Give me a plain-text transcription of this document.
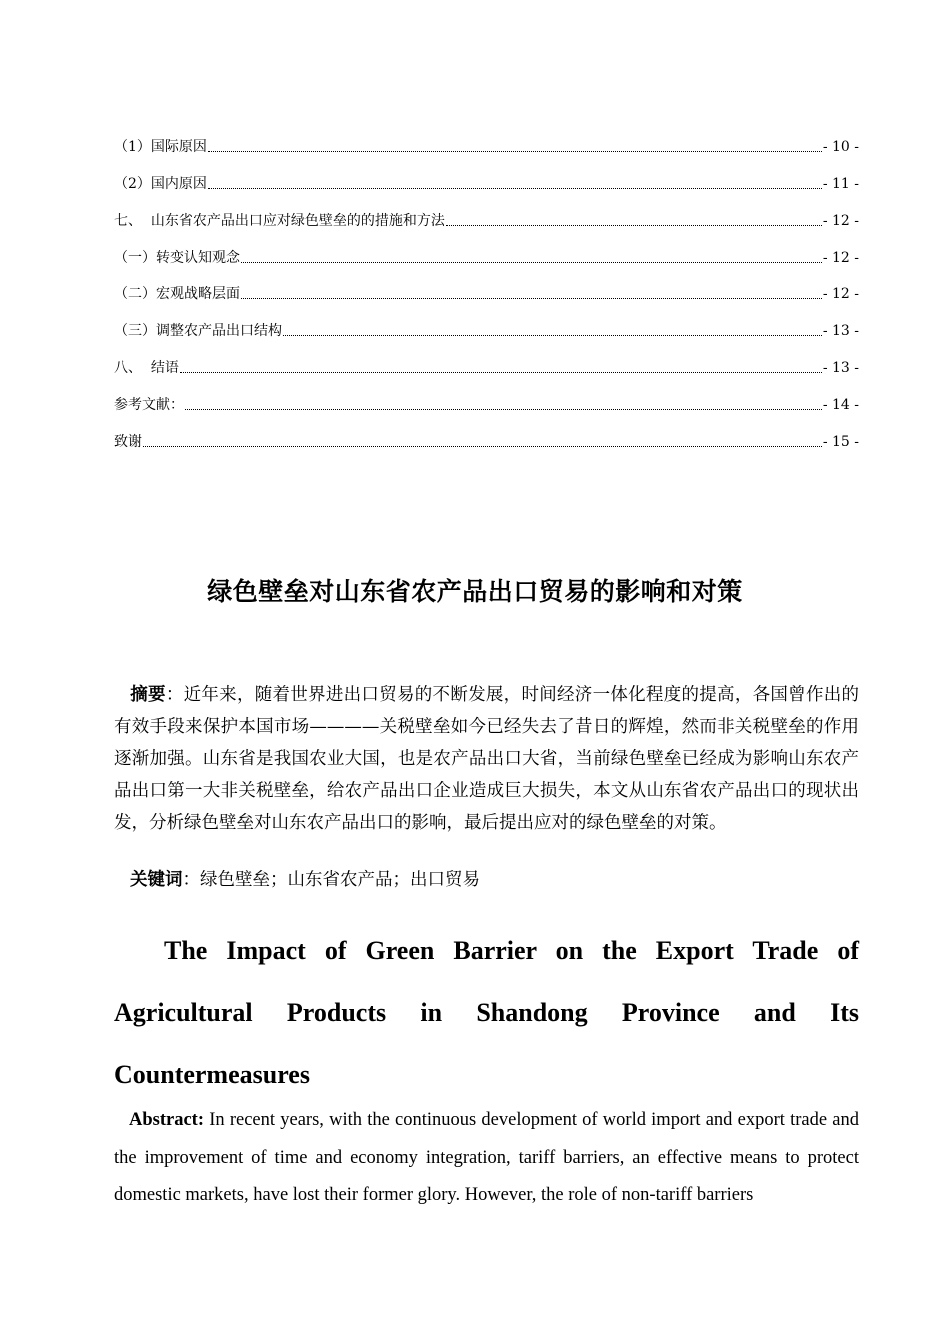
（1）国际原因	- 10 -
（2）国内原因	- 11 -
七、  山东省农产品出口应对绿色壁垒的的措施和方法	- 12 -
（一）转变认知观念	- 12 -
（二）宏观战略层面	- 12 -
（三）调整农产品出口结构	- 13 -
八、  结语	- 13 -
参考文献：	- 14 -
致谢	- 15 -
绿色壁垒对山东省农产品出口贸易的影响和对策

摘要：近年来，随着世界进出口贸易的不断发展，时间经济一体化程度的提高，各国曾作出的有效手段来保护本国市场————关税壁垒如今已经失去了昔日的辉煌，然而非关税壁垒的作用逐渐加强。山东省是我国农业大国，也是农产品出口大省，当前绿色壁垒已经成为影响山东农产品出口第一大非关税壁垒，给农产品出口企业造成巨大损失，本文从山东省农产品出口的现状出发，分析绿色壁垒对山东农产品出口的影响，最后提出应对的绿色壁垒的对策。

关键词：绿色壁垒；山东省农产品；出口贸易

The Impact of Green Barrier on the Export Trade of Agricultural Products in Shandong Province and Its Countermeasures

Abstract: In recent years, with the continuous development of world import and export trade and the improvement of time and economy integration, tariff barriers, an effective means to protect domestic markets, have lost their former glory. However, the role of non-tariff barriers
